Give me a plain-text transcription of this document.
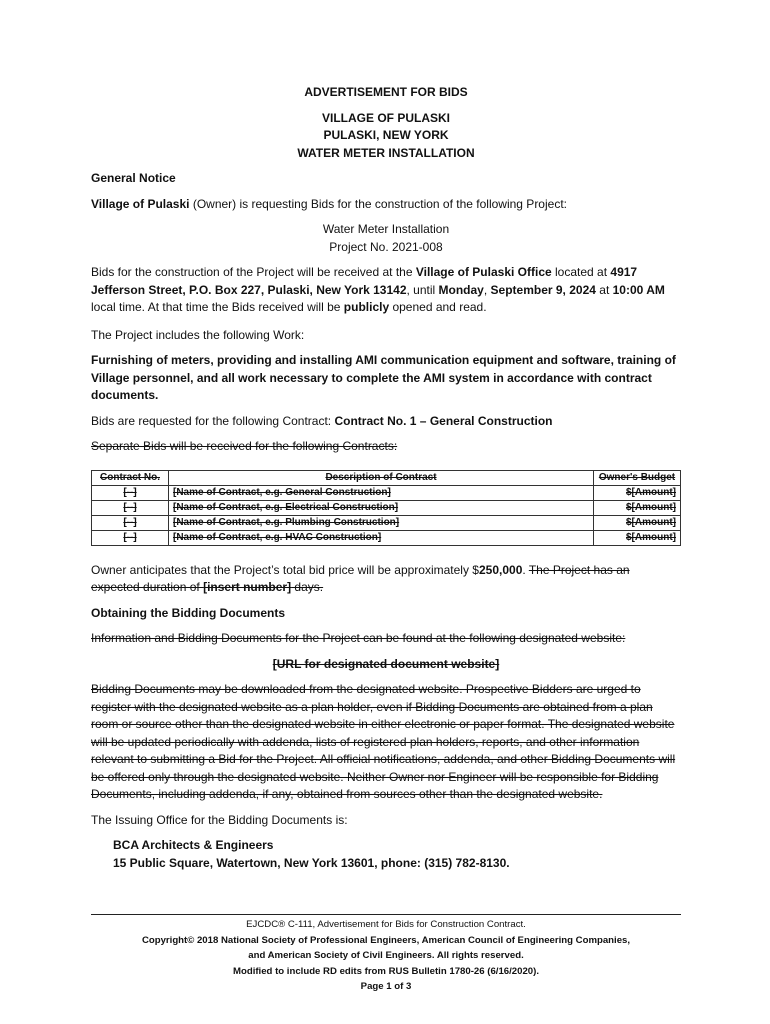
ADVERTISEMENT FOR BIDS

VILLAGE OF PULASKI

PULASKI, NEW YORK

WATER METER INSTALLATION

General Notice

Village of Pulaski (Owner) is requesting Bids for the construction of the following Project:

Water Meter Installation

Project No. 2021-008

Bids for the construction of the Project will be received at the Village of Pulaski Office located at 4917 Jefferson Street, P.O. Box 227, Pulaski, New York 13142, until Monday, September 9, 2024 at 10:00 AM local time. At that time the Bids received will be publicly opened and read.

The Project includes the following Work:

Furnishing of meters, providing and installing AMI communication equipment and software, training of Village personnel, and all work necessary to complete the AMI system in accordance with contract documents.

Bids are requested for the following Contract: Contract No. 1 – General Construction

Separate Bids will be received for the following Contracts:

Contract No.	Description of Contract	Owner's Budget
[--]	[Name of Contract, e.g. General Construction]	$[Amount]
[--]	[Name of Contract, e.g. Electrical Construction]	$[Amount]
[--]	[Name of Contract, e.g. Plumbing Construction]	$[Amount]
[--]	[Name of Contract, e.g. HVAC Construction]	$[Amount]

Owner anticipates that the Project’s total bid price will be approximately $250,000. The Project has an expected duration of [insert number] days.

Obtaining the Bidding Documents

Information and Bidding Documents for the Project can be found at the following designated website:

[URL for designated document website]

Bidding Documents may be downloaded from the designated website. Prospective Bidders are urged to register with the designated website as a plan holder, even if Bidding Documents are obtained from a plan room or source other than the designated website in either electronic or paper format. The designated website will be updated periodically with addenda, lists of registered plan holders, reports, and other information relevant to submitting a Bid for the Project. All official notifications, addenda, and other Bidding Documents will be offered only through the designated website. Neither Owner nor Engineer will be responsible for Bidding Documents, including addenda, if any, obtained from sources other than the designated website.

The Issuing Office for the Bidding Documents is:

BCA Architects & Engineers

15 Public Square, Watertown, New York 13601, phone: (315) 782-8130.

EJCDC® C-111, Advertisement for Bids for Construction Contract.
Copyright© 2018 National Society of Professional Engineers, American Council of Engineering Companies,
and American Society of Civil Engineers. All rights reserved.
Modified to include RD edits from RUS Bulletin 1780-26 (6/16/2020).
Page 1 of 3
